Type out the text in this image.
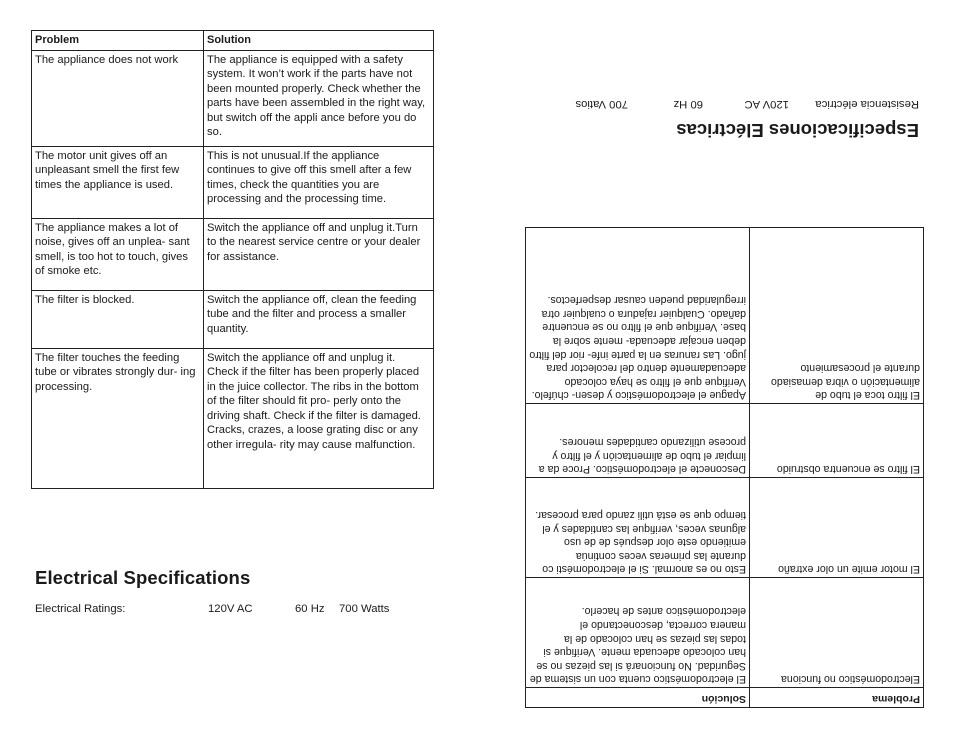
Problem	Solution
The appliance does not work	The appliance is equipped with a safety system. It won’t work if the parts have not been mounted properly. Check whether the parts have been assembled in the right way, but switch off the appli ance before you do so.
The motor unit gives off an unpleasant smell the first few times the appliance is used.	This is not unusual.If the appliance continues to give off this smell after a few times, check the quantities you are processing and the processing time.
The appliance makes a lot of noise, gives off an unplea- sant smell, is too hot to touch, gives of smoke etc.	Switch the appliance off and unplug it.Turn to the nearest service centre or your dealer for assistance.
The filter is blocked.	Switch the appliance off, clean the feeding tube and the filter and process a smaller quantity.
The filter touches the feeding tube or vibrates strongly dur- ing processing.	Switch the appliance off and unplug it. Check if the filter has been properly placed in the juice collector. The ribs in the bottom of the filter should fit pro- perly onto the driving shaft. Check if the filter is damaged. Cracks, crazes, a loose grating disc or any other irregula- rity may cause malfunction.
Electrical Specifications
Electrical Ratings:	120V AC	60 Hz 700 Watts
Especificaciones Eléctricas
Resistencia eléctrica
120V AC
60 Hz
700 Vatios
Problema	Solución
Electrodoméstico no funciona	El electrodoméstico cuenta con un sistema de Seguridad. No funcionará si las piezas no se han colocado adecuada mente. Verifique si todas las piezas se han colocado de la manera correcta, desconectando el electrodoméstico antes de hacerlo.
El motor emite un olor extraño	Esto no es anormal. Si el electrodomésti co durante las primeras veces continúa emitiendo este olor después de de uso algunas veces, verifique las cantidades y el tiempo que se está utili zando para procesar.
El filtro se encuentra obstruido	Desconecte el electrodoméstico. Proce da a limpiar el tubo de alimentación y el filtro y procese utilizando cantidades menores.
El filtro toca el tubo de alimentación o vibra demasiado durante el procesamiento	Apague el electrodoméstico y desen- chúfelo. Verifique que el filtro se haya colocado adecuadamente dentro del recolector para jugo. Las ranuras en la parte infe- rior del filtro deben encajar adecuada- mente sobre la base. Verifique que el filtro no se encuentre dañado. Cualquier rajadura o cualquier otra irregularidad pueden causar desperfectos.
